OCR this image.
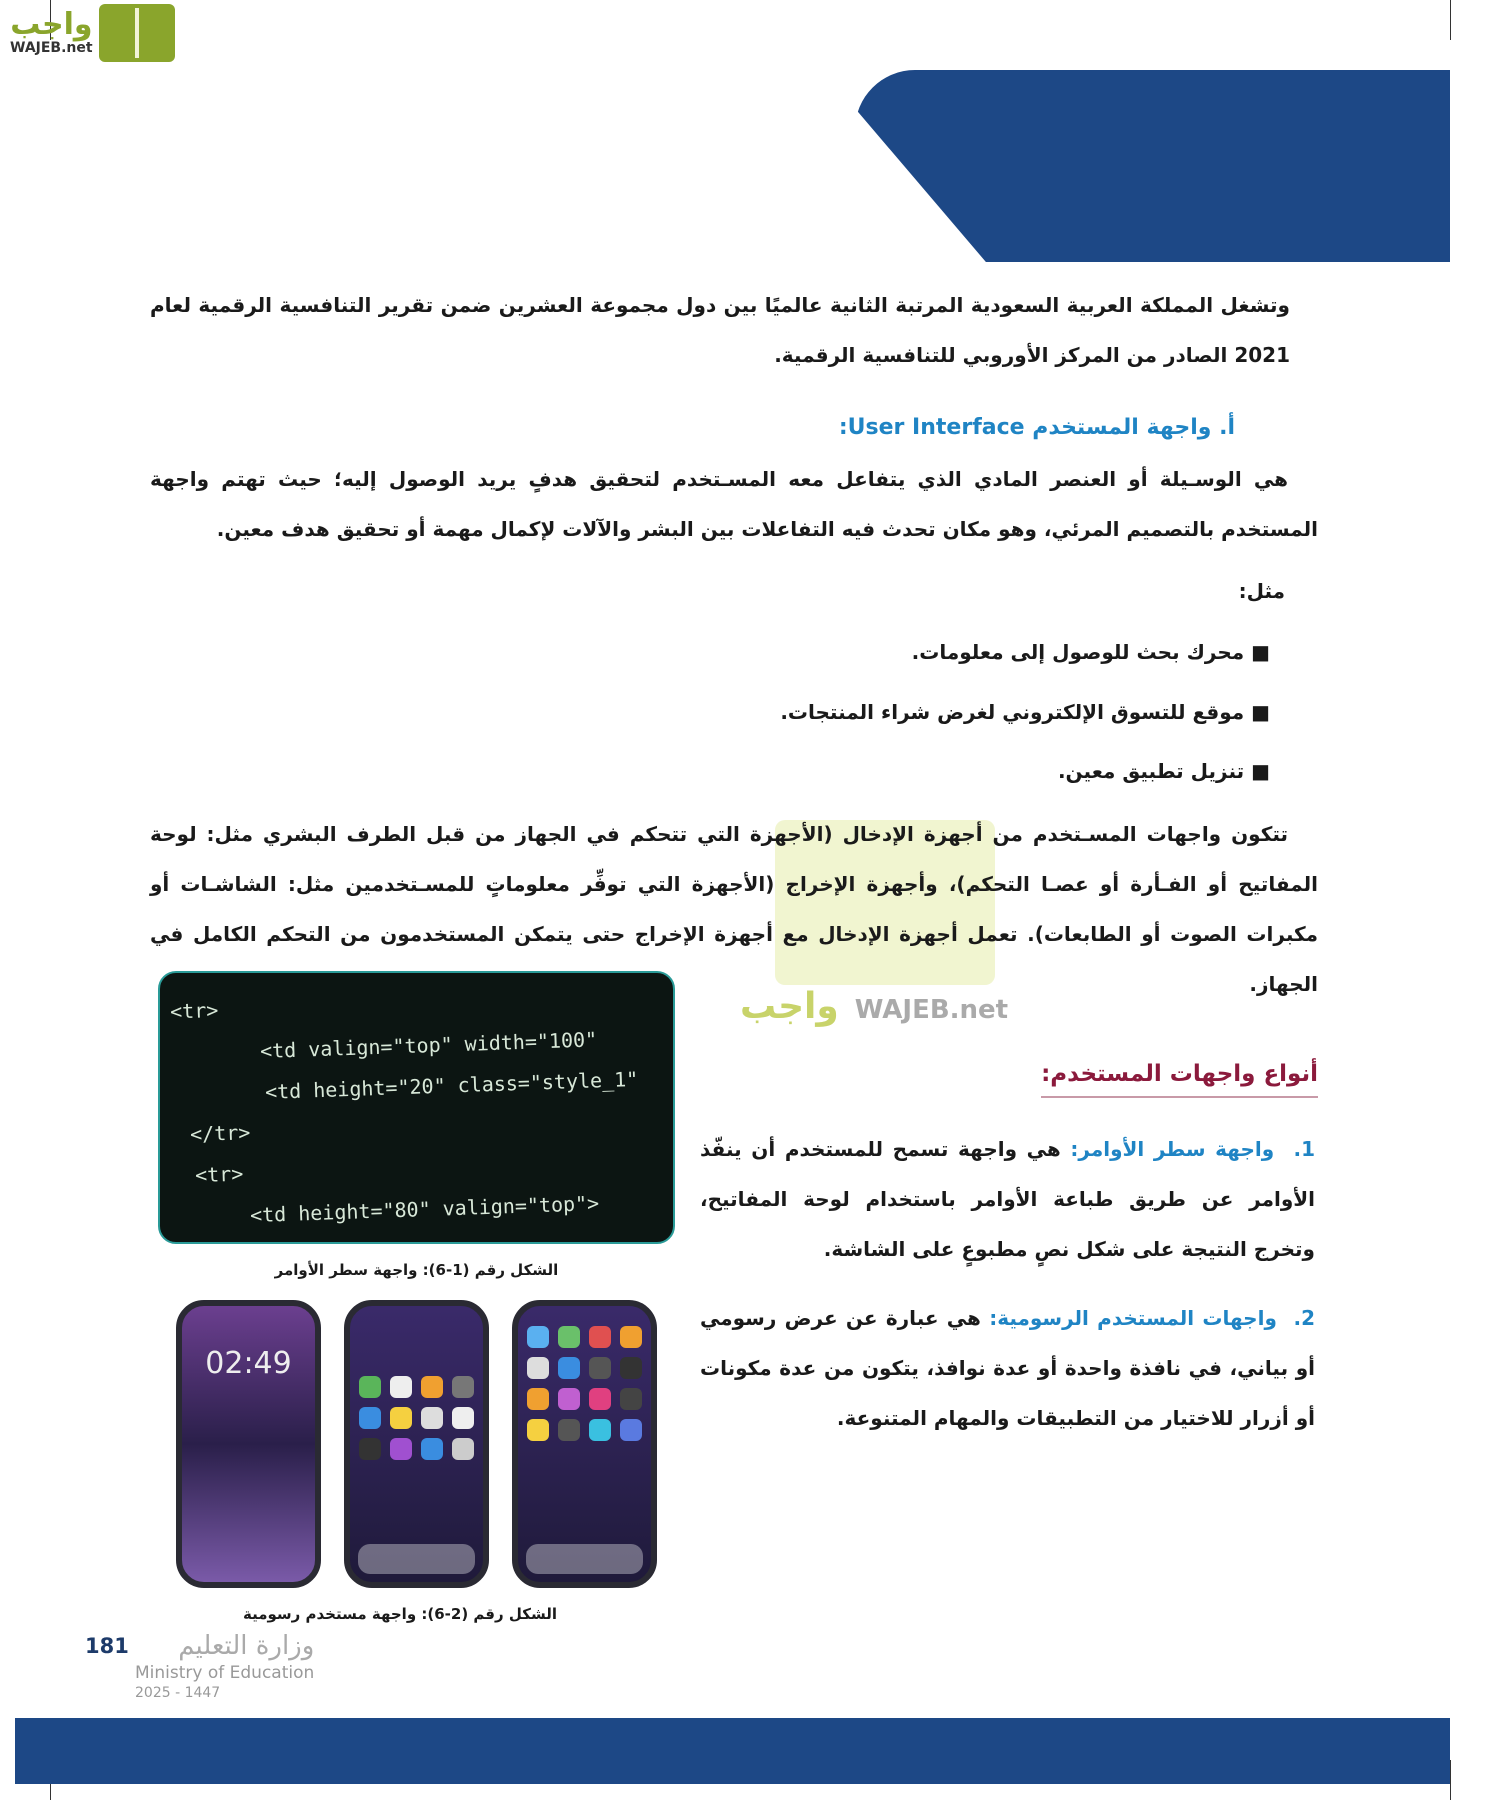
واجب
WAJEB.net
واجب WAJEB.net
وتشغل المملكة العربية السعودية المرتبة الثانية عالميًا بين دول مجموعة العشرين ضمن تقرير التنافسية الرقمية لعام 2021 الصادر من المركز الأوروبي للتنافسية الرقمية.
أ. واجهة المستخدم User Interface:
هي الوسـيلة أو العنصر المادي الذي يتفاعل معه المسـتخدم لتحقيق هدفٍ يريد الوصول إليه؛ حيث تهتم واجهة المستخدم بالتصميم المرئي، وهو مكان تحدث فيه التفاعلات بين البشر والآلات لإكمال مهمة أو تحقيق هدف معين.
مثل:
■ محرك بحث للوصول إلى معلومات.
■ موقع للتسوق الإلكتروني لغرض شراء المنتجات.
■ تنزيل تطبيق معين.
تتكون واجهات المسـتخدم من أجهزة الإدخال (الأجهزة التي تتحكم في الجهاز من قبل الطرف البشري مثل: لوحة المفاتيح أو الفـأرة أو عصـا التحكم)، وأجهزة الإخراج (الأجهزة التي توفِّر معلوماتٍ للمسـتخدمين مثل: الشاشـات أو مكبرات الصوت أو الطابعات). تعمل أجهزة الإدخال مع أجهزة الإخراج حتى يتمكن المستخدمون من التحكم الكامل في الجهاز.
<tr>
<td valign="top" width="100"
<td height="20" class="style_1"
</tr>
<tr>
<td height="80" valign="top">
الشكل رقم (1-6): واجهة سطر الأوامر
02:49
الشكل رقم (2-6): واجهة مستخدم رسومية
أنواع واجهات المستخدم:
1.  واجهة سطر الأوامر: هي واجهة تسمح للمستخدم أن ينفّذ الأوامر عن طريق طباعة الأوامر باستخدام لوحة المفاتيح، وتخرج النتيجة على شكل نصٍ مطبوعٍ على الشاشة.
2.  واجهات المستخدم الرسومية: هي عبارة عن عرض رسومي أو بياني، في نافذة واحدة أو عدة نوافذ، يتكون من عدة مكونات أو أزرار للاختيار من التطبيقات والمهام المتنوعة.
وزارة التعليم
Ministry of Education
2025 - 1447
181
